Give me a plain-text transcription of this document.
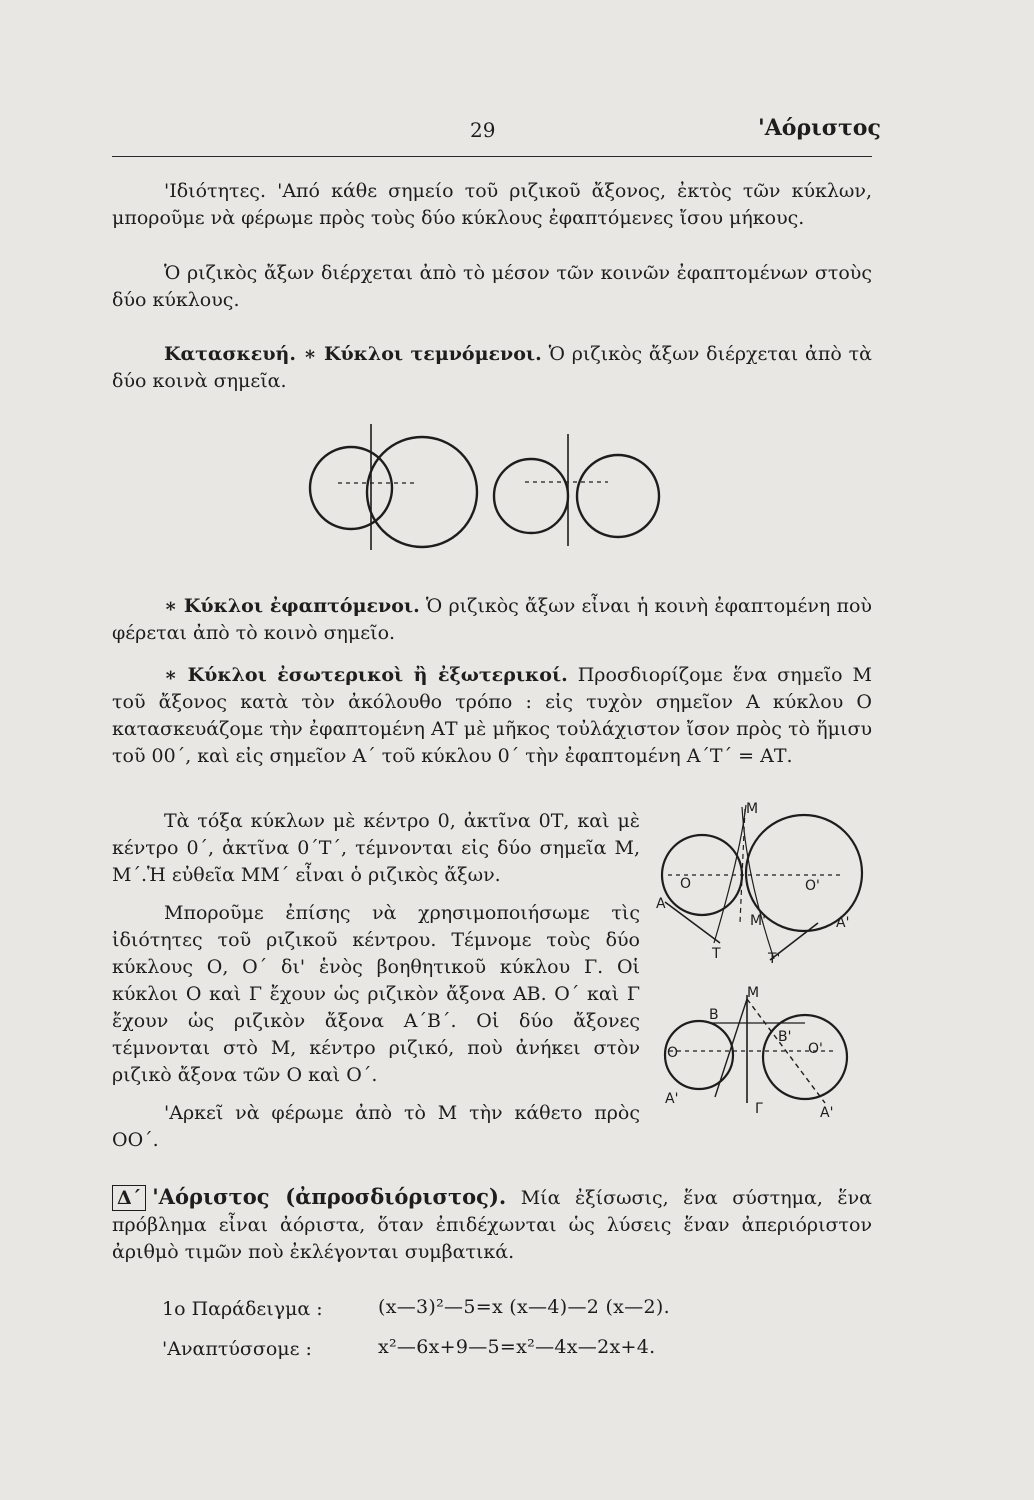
29	'Αόριστος
'Ιδιότητες. 'Από κάθε σημείο τοῦ ριζικοῦ ἄξονος, ἐκτὸς τῶν κύκλων, μποροῦμε νὰ φέρωμε πρὸς τοὺς δύο κύκλους ἐφαπτόμενες ἴσου μήκους.
Ὁ ριζικὸς ἄξων διέρχεται ἀπὸ τὸ μέσον τῶν κοινῶν ἐφαπτομένων στοὺς δύο κύκλους.
Κατασκευή. ∗ Κύκλοι τεμνόμενοι. Ὁ ριζικὸς ἄξων διέρχεται ἀπὸ τὰ δύο κοινὰ σημεῖα.
∗ Κύκλοι ἐφαπτόμενοι. Ὁ ριζικὸς ἄξων εἶναι ἡ κοινὴ ἐφαπτομένη ποὺ φέρεται ἀπὸ τὸ κοινὸ σημεῖο.
∗ Κύκλοι ἐσωτερικοὶ ἢ ἐξωτερικοί. Προσδιορίζομε ἕνα σημεῖο Μ τοῦ ἄξονος κατὰ τὸν ἀκόλουθο τρόπο : εἰς τυχὸν σημεῖον Α κύκλου Ο κατασκευάζομε τὴν ἐφαπτομένη ΑΤ μὲ μῆκος τοὐλάχιστον ἴσον πρὸς τὸ ἥμισυ τοῦ 00΄, καὶ εἰς σημεῖον Α΄ τοῦ κύκλου 0΄ τὴν ἐφαπτομένη Α΄Τ΄ = ΑΤ.
Τὰ τόξα κύκλων μὲ κέντρο 0, ἀκτῖνα 0Τ, καὶ μὲ κέντρο 0΄, ἀκτῖνα 0΄Τ΄, τέμνονται εἰς δύο σημεῖα Μ, Μ΄.Ἡ εὐθεῖα ΜΜ΄ εἶναι ὁ ριζικὸς ἄξων.
Μποροῦμε ἐπίσης νὰ χρησιμοποιήσωμε τὶς ἰδιότητες τοῦ ριζικοῦ κέντρου. Τέμνομε τοὺς δύο κύκλους Ο, Ο΄ δι' ἑνὸς βοηθητικοῦ κύκλου Γ. Οἱ κύκλοι Ο καὶ Γ ἔχουν ὡς ριζικὸν ἄξονα ΑΒ. Ο΄ καὶ Γ ἔχουν ὡς ριζικὸν ἄξονα Α΄Β΄. Οἱ δύο ἄξονες τέμνονται στὸ Μ, κέντρο ριζικό, ποὺ ἀνήκει στὸν ριζικὸ ἄξονα τῶν Ο καὶ Ο΄.
'Αρκεῖ νὰ φέρωμε ἀπὸ τὸ Μ τὴν κάθετο πρὸς ΟΟ΄.
M
O	O'
A
A'
M'
T	T'
M
B
B'
O	O'
A'
Γ	A'
Δ΄ 'Αόριστος (ἀπροσδιόριστος). Μία ἐξίσωσις, ἕνα σύστημα, ἕνα πρόβλημα εἶναι ἀόριστα, ὅταν ἐπιδέχωνται ὡς λύσεις ἕναν ἀπεριόριστον ἀριθμὸ τιμῶν ποὺ ἐκλέγονται συμβατικά.
1ο Παράδειγμα :	(x—3)²—5=x (x—4)—2 (x—2).
'Αναπτύσσομε :	x²—6x+9—5=x²—4x—2x+4.
